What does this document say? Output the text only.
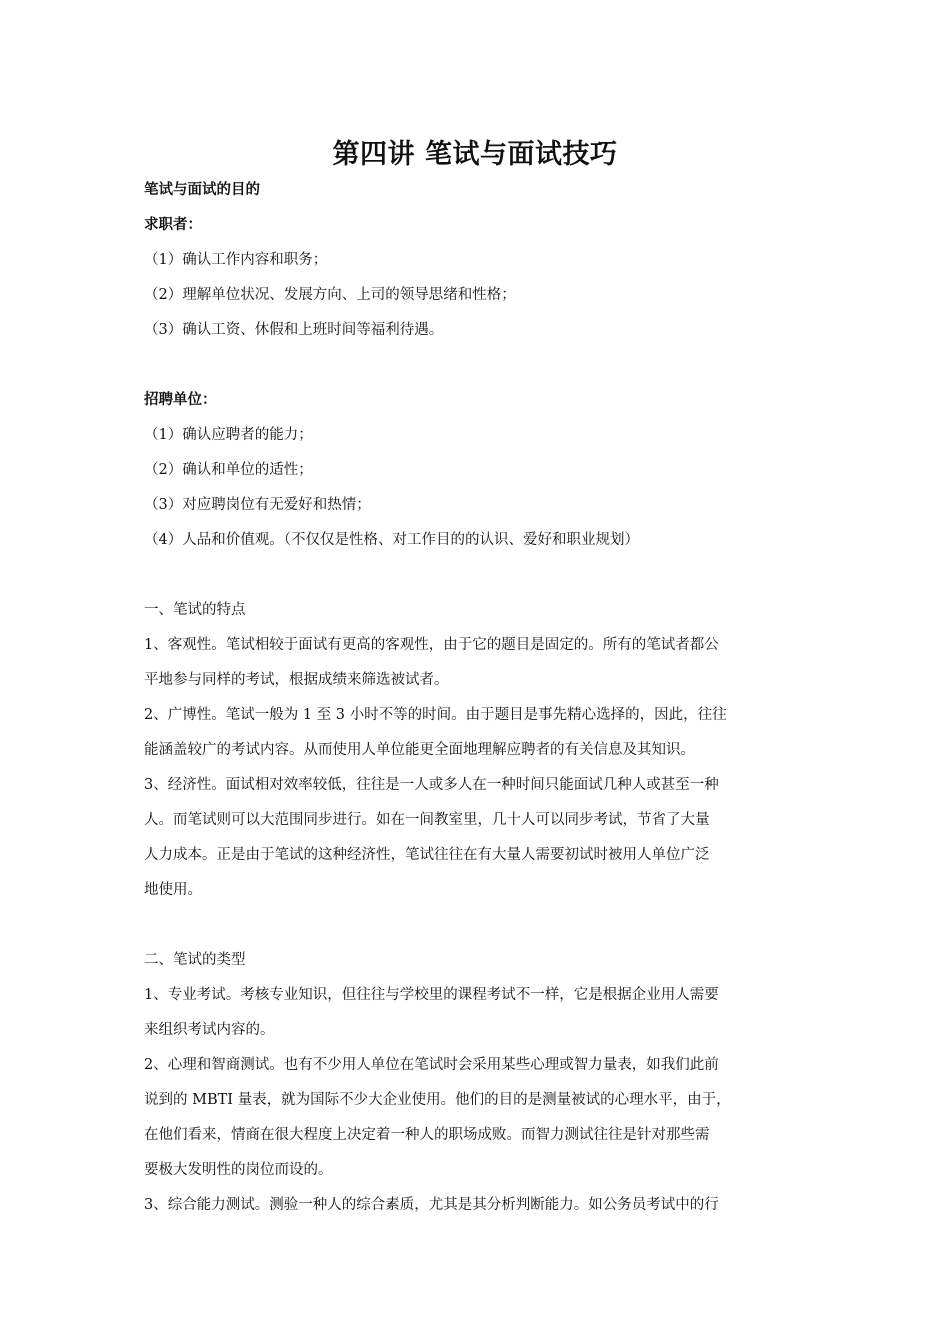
第四讲 笔试与面试技巧
笔试与面试的目的
求职者：
（1）确认工作内容和职务；
（2）理解单位状况、发展方向、上司的领导思绪和性格；
（3）确认工资、休假和上班时间等福利待遇。
招聘单位：
（1）确认应聘者的能力；
（2）确认和单位的适性；
（3）对应聘岗位有无爱好和热情；
（4）人品和价值观。（不仅仅是性格、对工作目的的认识、爱好和职业规划）
一、笔试的特点
1、客观性。笔试相较于面试有更高的客观性，由于它的题目是固定的。所有的笔试者都公
平地参与同样的考试，根据成绩来筛选被试者。
2、广博性。笔试一般为 1 至 3 小时不等的时间。由于题目是事先精心选择的，因此，往往
能涵盖较广的考试内容。从而使用人单位能更全面地理解应聘者的有关信息及其知识。
3、经济性。面试相对效率较低，往往是一人或多人在一种时间只能面试几种人或甚至一种
人。而笔试则可以大范围同步进行。如在一间教室里，几十人可以同步考试，节省了大量
人力成本。正是由于笔试的这种经济性，笔试往往在有大量人需要初试时被用人单位广泛
地使用。
二、笔试的类型
1、专业考试。考核专业知识，但往往与学校里的课程考试不一样，它是根据企业用人需要
来组织考试内容的。
2、心理和智商测试。也有不少用人单位在笔试时会采用某些心理或智力量表，如我们此前
说到的 MBTI 量表，就为国际不少大企业使用。他们的目的是测量被试的心理水平，由于，
在他们看来，情商在很大程度上决定着一种人的职场成败。而智力测试往往是针对那些需
要极大发明性的岗位而设的。
3、综合能力测试。测验一种人的综合素质，尤其是其分析判断能力。如公务员考试中的行
